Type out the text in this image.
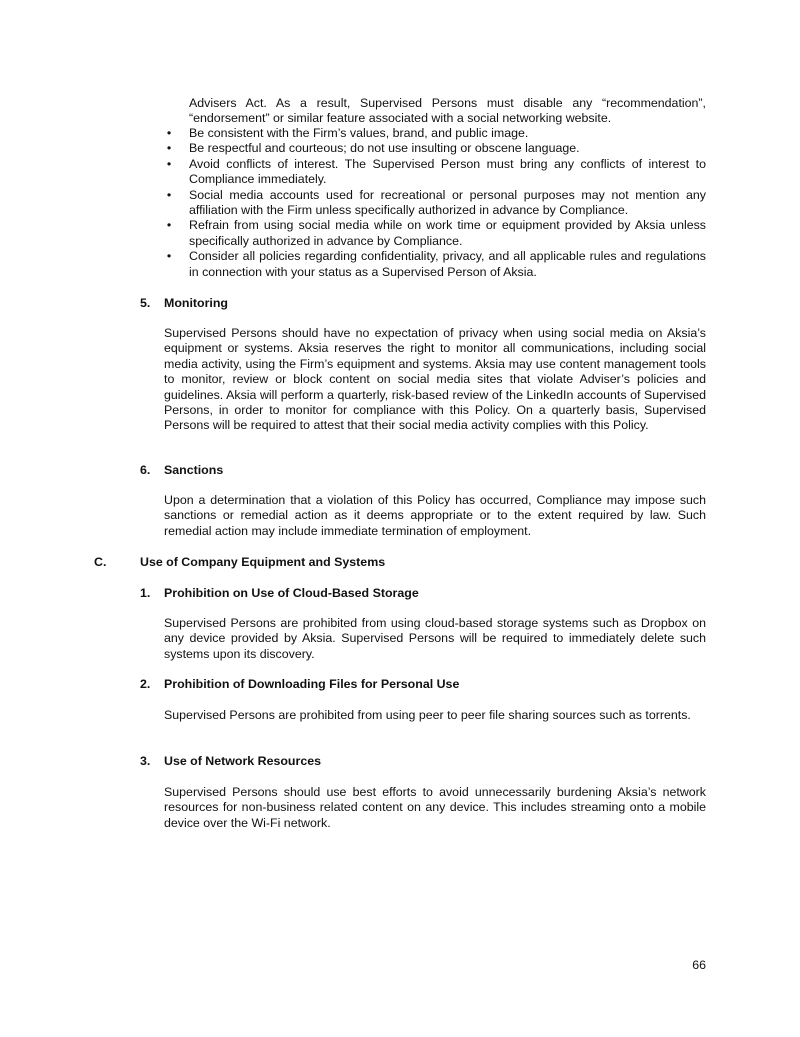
Advisers Act. As a result, Supervised Persons must disable any “recommendation”, “endorsement” or similar feature associated with a social networking website.
• Be consistent with the Firm’s values, brand, and public image.
• Be respectful and courteous; do not use insulting or obscene language.
• Avoid conflicts of interest. The Supervised Person must bring any conflicts of interest to Compliance immediately.
• Social media accounts used for recreational or personal purposes may not mention any affiliation with the Firm unless specifically authorized in advance by Compliance.
• Refrain from using social media while on work time or equipment provided by Aksia unless specifically authorized in advance by Compliance.
• Consider all policies regarding confidentiality, privacy, and all applicable rules and regulations in connection with your status as a Supervised Person of Aksia.
5. Monitoring
Supervised Persons should have no expectation of privacy when using social media on Aksia’s equipment or systems. Aksia reserves the right to monitor all communications, including social media activity, using the Firm’s equipment and systems. Aksia may use content management tools to monitor, review or block content on social media sites that violate Adviser’s policies and guidelines. Aksia will perform a quarterly, risk-based review of the LinkedIn accounts of Supervised Persons, in order to monitor for compliance with this Policy. On a quarterly basis, Supervised Persons will be required to attest that their social media activity complies with this Policy.
6. Sanctions
Upon a determination that a violation of this Policy has occurred, Compliance may impose such sanctions or remedial action as it deems appropriate or to the extent required by law. Such remedial action may include immediate termination of employment.
C.	Use of Company Equipment and Systems
1. Prohibition on Use of Cloud-Based Storage
Supervised Persons are prohibited from using cloud-based storage systems such as Dropbox on any device provided by Aksia. Supervised Persons will be required to immediately delete such systems upon its discovery.
2. Prohibition of Downloading Files for Personal Use
Supervised Persons are prohibited from using peer to peer file sharing sources such as torrents.
3. Use of Network Resources
Supervised Persons should use best efforts to avoid unnecessarily burdening Aksia’s network resources for non-business related content on any device. This includes streaming onto a mobile device over the Wi-Fi network.
66
